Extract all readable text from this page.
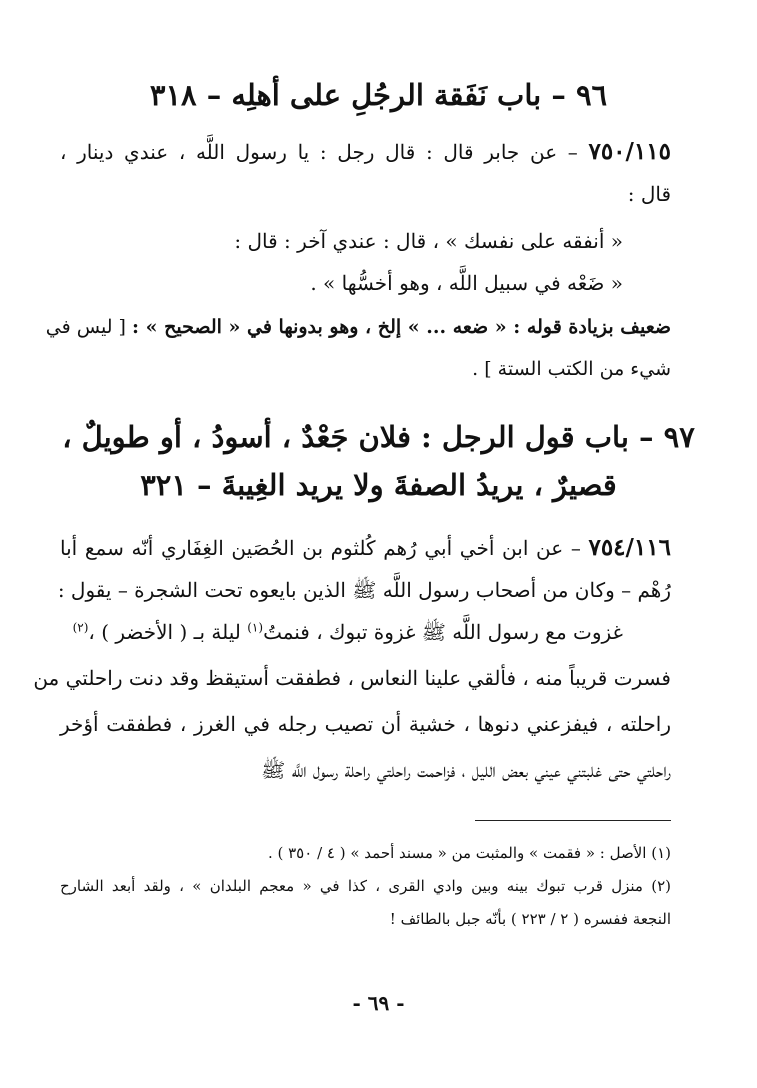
٩٦ – باب نَفَقة الرجُلِ على أهلِه – ٣١٨
٧٥٠/١١٥ – عن جابر قال : قال رجل : يا رسول اللَّه ، عندي دينار ،
قال :
« أنفقه على نفسك » ، قال : عندي آخر : قال :
« ضَعْه في سبيل اللَّه ، وهو أخسُّها » .
ضعيف بزيادة قوله : « ضعه ... » إلخ ، وهو بدونها في « الصحيح » : [ ليس في
شيء من الكتب الستة ] .
٩٧ – باب قول الرجل : فلان جَعْدٌ ، أسودُ ، أو طويلٌ ،
قصيرٌ ، يريدُ الصفةَ ولا يريد الغِيبةَ – ٣٢١
٧٥٤/١١٦ – عن ابن أخي أبي رُهم كُلثوم بن الحُصَين الغِفَاري أنّه سمع أبا
رُهْم – وكان من أصحاب رسول اللَّه ﷺ الذين بايعوه تحت الشجرة – يقول :
غزوت مع رسول اللَّه ﷺ غزوة تبوك ، فنمتُ$^{(١)}$ ليلة بـ ( الأخضر ) ،$^{(٢)}$
فسرت قريباً منه ، فألقي علينا النعاس ، فطفقت أستيقظ وقد دنت راحلتي من
راحلته ، فيفزعني دنوها ، خشية أن تصيب رجله في الغرز ، فطفقت أؤخر
راحلتي حتى غلبتني عيني بعض الليل ، فزاحمت راحلتي راحلة رسول اللَّه ﷺ
(١) الأصل : « فقمت » والمثبت من « مسند أحمد » ( ٤ / ٣٥٠ ) .
(٢) منزل قرب تبوك بينه وبين وادي القرى ، كذا في « معجم البلدان » ، ولقد أبعد الشارح
النجعة ففسره ( ٢ / ٢٢٣ ) بأنّه جبل بالطائف !
- ٦٩ -
